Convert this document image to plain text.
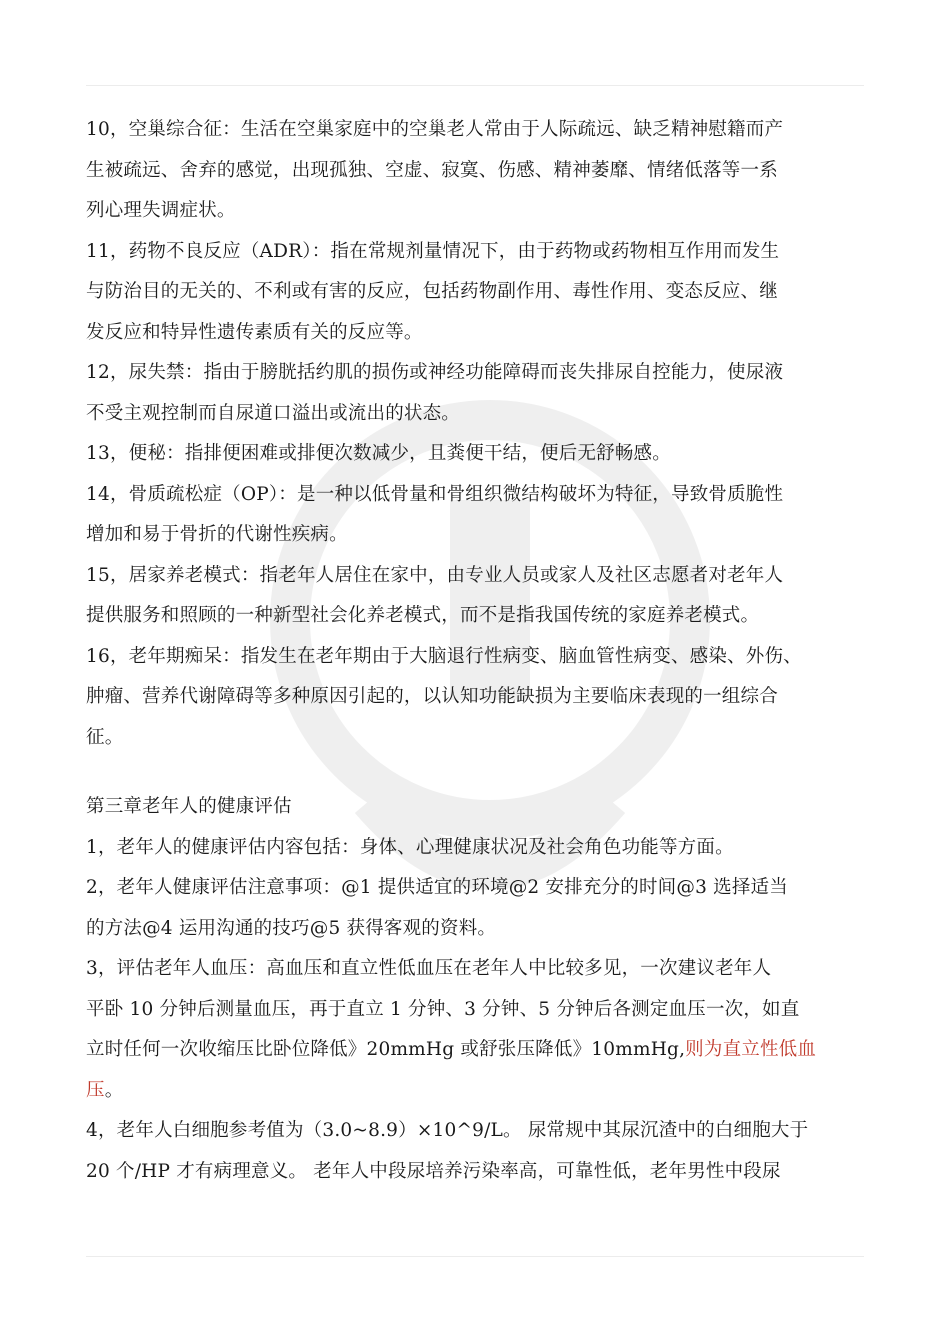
10，空巢综合征：生活在空巢家庭中的空巢老人常由于人际疏远、缺乏精神慰籍而产
生被疏远、舍弃的感觉，出现孤独、空虚、寂寞、伤感、精神萎靡、情绪低落等一系
列心理失调症状。
11，药物不良反应（ADR）：指在常规剂量情况下，由于药物或药物相互作用而发生
与防治目的无关的、不利或有害的反应，包括药物副作用、毒性作用、变态反应、继
发反应和特异性遗传素质有关的反应等。
12，尿失禁：指由于膀胱括约肌的损伤或神经功能障碍而丧失排尿自控能力，使尿液
不受主观控制而自尿道口溢出或流出的状态。
13，便秘：指排便困难或排便次数减少，且粪便干结，便后无舒畅感。
14，骨质疏松症（OP）：是一种以低骨量和骨组织微结构破坏为特征，导致骨质脆性
增加和易于骨折的代谢性疾病。
15，居家养老模式：指老年人居住在家中，由专业人员或家人及社区志愿者对老年人
提供服务和照顾的一种新型社会化养老模式，而不是指我国传统的家庭养老模式。
16，老年期痴呆：指发生在老年期由于大脑退行性病变、脑血管性病变、感染、外伤、
肿瘤、营养代谢障碍等多种原因引起的，以认知功能缺损为主要临床表现的一组综合
征。
第三章老年人的健康评估
1，老年人的健康评估内容包括：身体、心理健康状况及社会角色功能等方面。
2，老年人健康评估注意事项：@1 提供适宜的环境@2 安排充分的时间@3 选择适当
的方法@4 运用沟通的技巧@5 获得客观的资料。
3，评估老年人血压：高血压和直立性低血压在老年人中比较多见，一次建议老年人
平卧 10 分钟后测量血压，再于直立 1 分钟、3 分钟、5 分钟后各测定血压一次，如直
立时任何一次收缩压比卧位降低》20mmHg 或舒张压降低》10mmHg,则为直立性低血
压。
4，老年人白细胞参考值为（3.0~8.9）×10^9/L。 尿常规中其尿沉渣中的白细胞大于
20 个/HP 才有病理意义。 老年人中段尿培养污染率高，可靠性低，老年男性中段尿
